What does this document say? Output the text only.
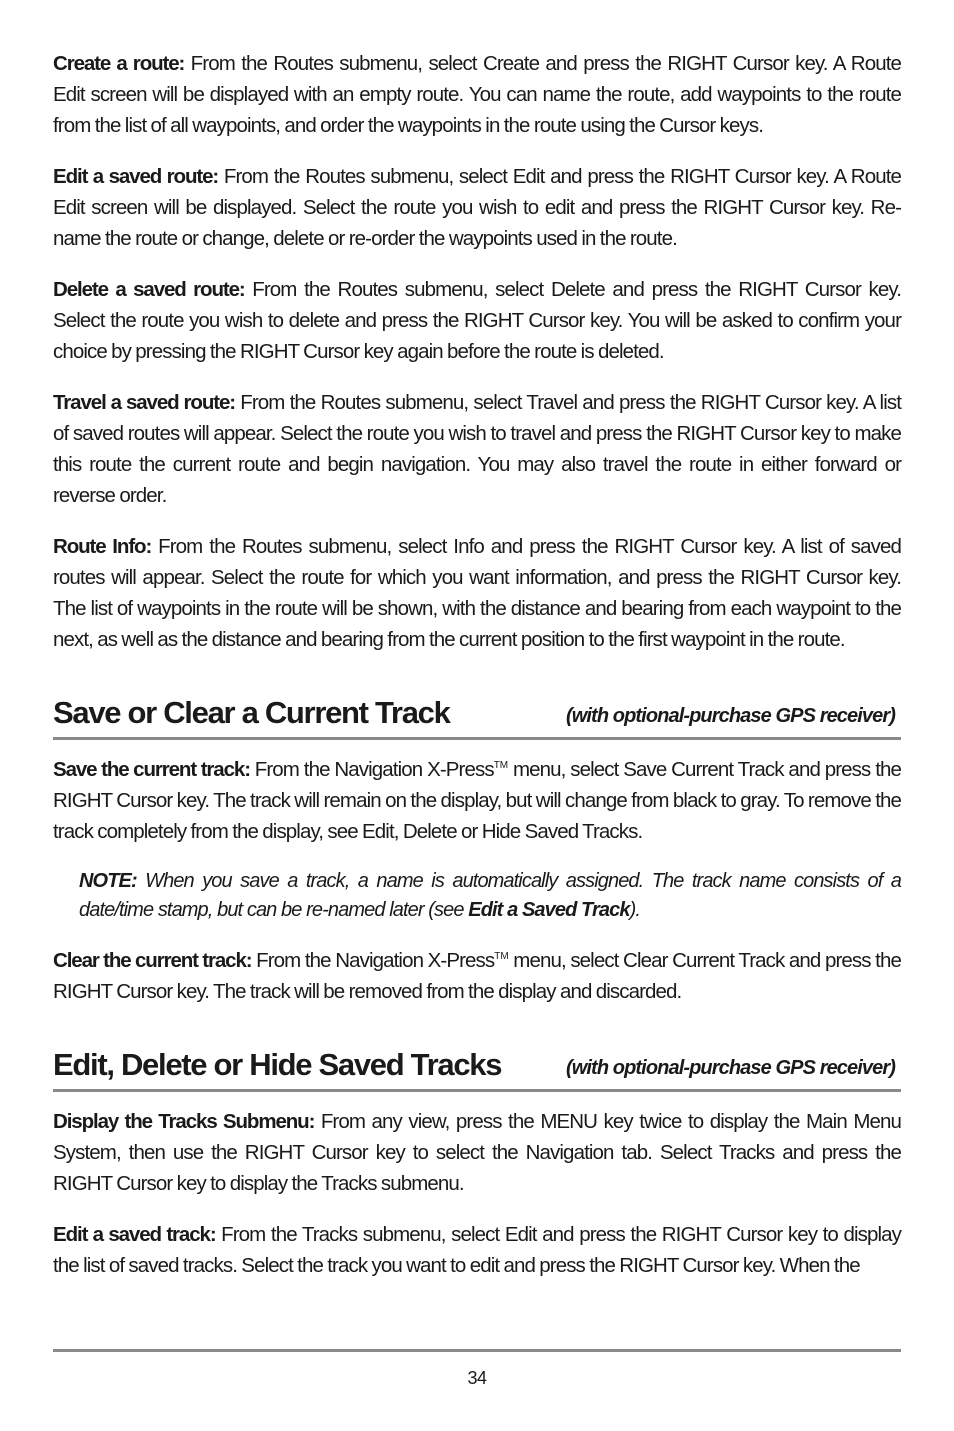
Create a route: From the Routes submenu, select Create and press the RIGHT Cursor key. A Route Edit screen will be displayed with an empty route. You can name the route, add waypoints to the route from the list of all waypoints, and order the waypoints in the route using the Cursor keys.

Edit a saved route: From the Routes submenu, select Edit and press the RIGHT Cursor key. A Route Edit screen will be displayed. Select the route you wish to edit and press the RIGHT Cursor key. Re-name the route or change, delete or re-order the waypoints used in the route.

Delete a saved route: From the Routes submenu, select Delete and press the RIGHT Cursor key. Select the route you wish to delete and press the RIGHT Cursor key. You will be asked to confirm your choice by pressing the RIGHT Cursor key again before the route is deleted.

Travel a saved route: From the Routes submenu, select Travel and press the RIGHT Cursor key. A list of saved routes will appear. Select the route you wish to travel and press the RIGHT Cursor key to make this route the current route and begin navigation. You may also travel the route in either forward or reverse order.

Route Info: From the Routes submenu, select Info and press the RIGHT Cursor key. A list of saved routes will appear. Select the route for which you want information, and press the RIGHT Cursor key. The list of waypoints in the route will be shown, with the distance and bearing from each waypoint to the next, as well as the distance and bearing from the current position to the first waypoint in the route.

Save or Clear a Current Track	(with optional-purchase GPS receiver)

Save the current track: From the Navigation X-Press™ menu, select Save Current Track and press the RIGHT Cursor key. The track will remain on the display, but will change from black to gray. To remove the track completely from the display, see Edit, Delete or Hide Saved Tracks.

NOTE: When you save a track, a name is automatically assigned. The track name consists of a date/time stamp, but can be re-named later (see Edit a Saved Track).

Clear the current track: From the Navigation X-Press™ menu, select Clear Current Track and press the RIGHT Cursor key. The track will be removed from the display and discarded.

Edit, Delete or Hide Saved Tracks	(with optional-purchase GPS receiver)

Display the Tracks Submenu: From any view, press the MENU key twice to display the Main Menu System, then use the RIGHT Cursor key to select the Navigation tab. Select Tracks and press the RIGHT Cursor key to display the Tracks submenu.

Edit a saved track: From the Tracks submenu, select Edit and press the RIGHT Cursor key to display the list of saved tracks. Select the track you want to edit and press the RIGHT Cursor key. When the

34
